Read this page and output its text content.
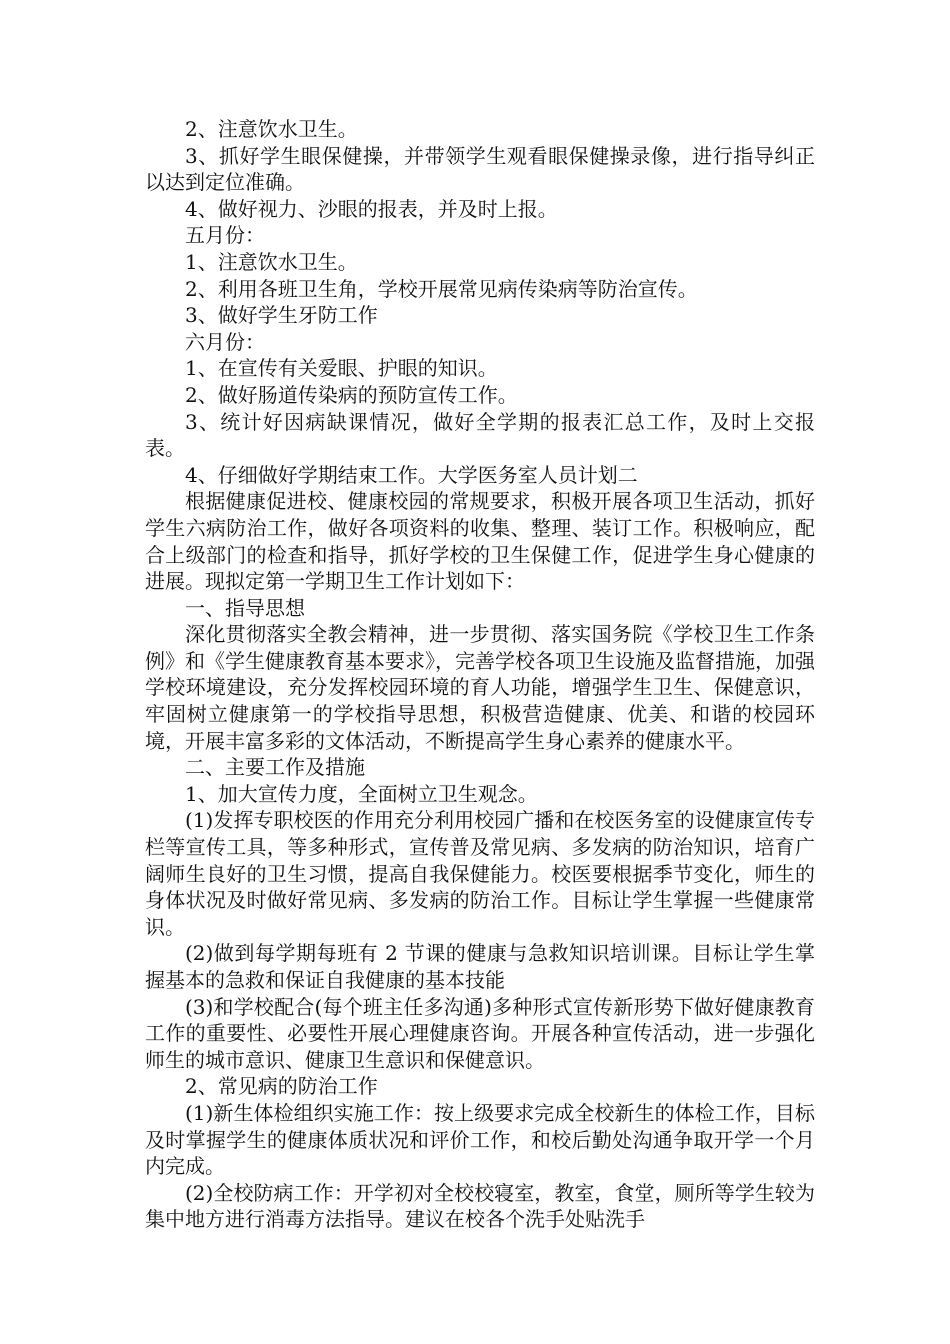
2、注意饮水卫生。

3、抓好学生眼保健操，并带领学生观看眼保健操录像，进行指导纠正以达到定位准确。

4、做好视力、沙眼的报表，并及时上报。

五月份：

1、注意饮水卫生。

2、利用各班卫生角，学校开展常见病传染病等防治宣传。

3、做好学生牙防工作

六月份：

1、在宣传有关爱眼、护眼的知识。

2、做好肠道传染病的预防宣传工作。

3、统计好因病缺课情况，做好全学期的报表汇总工作，及时上交报表。

4、仔细做好学期结束工作。大学医务室人员计划二

根据健康促进校、健康校园的常规要求，积极开展各项卫生活动，抓好学生六病防治工作，做好各项资料的收集、整理、装订工作。积极响应，配合上级部门的检查和指导，抓好学校的卫生保健工作，促进学生身心健康的进展。现拟定第一学期卫生工作计划如下：

一、指导思想

深化贯彻落实全教会精神，进一步贯彻、落实国务院《学校卫生工作条例》和《学生健康教育基本要求》，完善学校各项卫生设施及监督措施，加强学校环境建设，充分发挥校园环境的育人功能，增强学生卫生、保健意识，牢固树立健康第一的学校指导思想，积极营造健康、优美、和谐的校园环境，开展丰富多彩的文体活动，不断提高学生身心素养的健康水平。

二、主要工作及措施

1、加大宣传力度，全面树立卫生观念。

(1)发挥专职校医的作用充分利用校园广播和在校医务室的设健康宣传专栏等宣传工具，等多种形式，宣传普及常见病、多发病的防治知识，培育广阔师生良好的卫生习惯，提高自我保健能力。校医要根据季节变化，师生的身体状况及时做好常见病、多发病的防治工作。目标让学生掌握一些健康常识。

(2)做到每学期每班有 2 节课的健康与急救知识培训课。目标让学生掌握基本的急救和保证自我健康的基本技能

(3)和学校配合(每个班主任多沟通)多种形式宣传新形势下做好健康教育工作的重要性、必要性开展心理健康咨询。开展各种宣传活动，进一步强化师生的城市意识、健康卫生意识和保健意识。

2、常见病的防治工作

(1)新生体检组织实施工作：按上级要求完成全校新生的体检工作，目标及时掌握学生的健康体质状况和评价工作，和校后勤处沟通争取开学一个月内完成。

(2)全校防病工作：开学初对全校校寝室，教室，食堂，厕所等学生较为集中地方进行消毒方法指导。建议在校各个洗手处贴洗手
